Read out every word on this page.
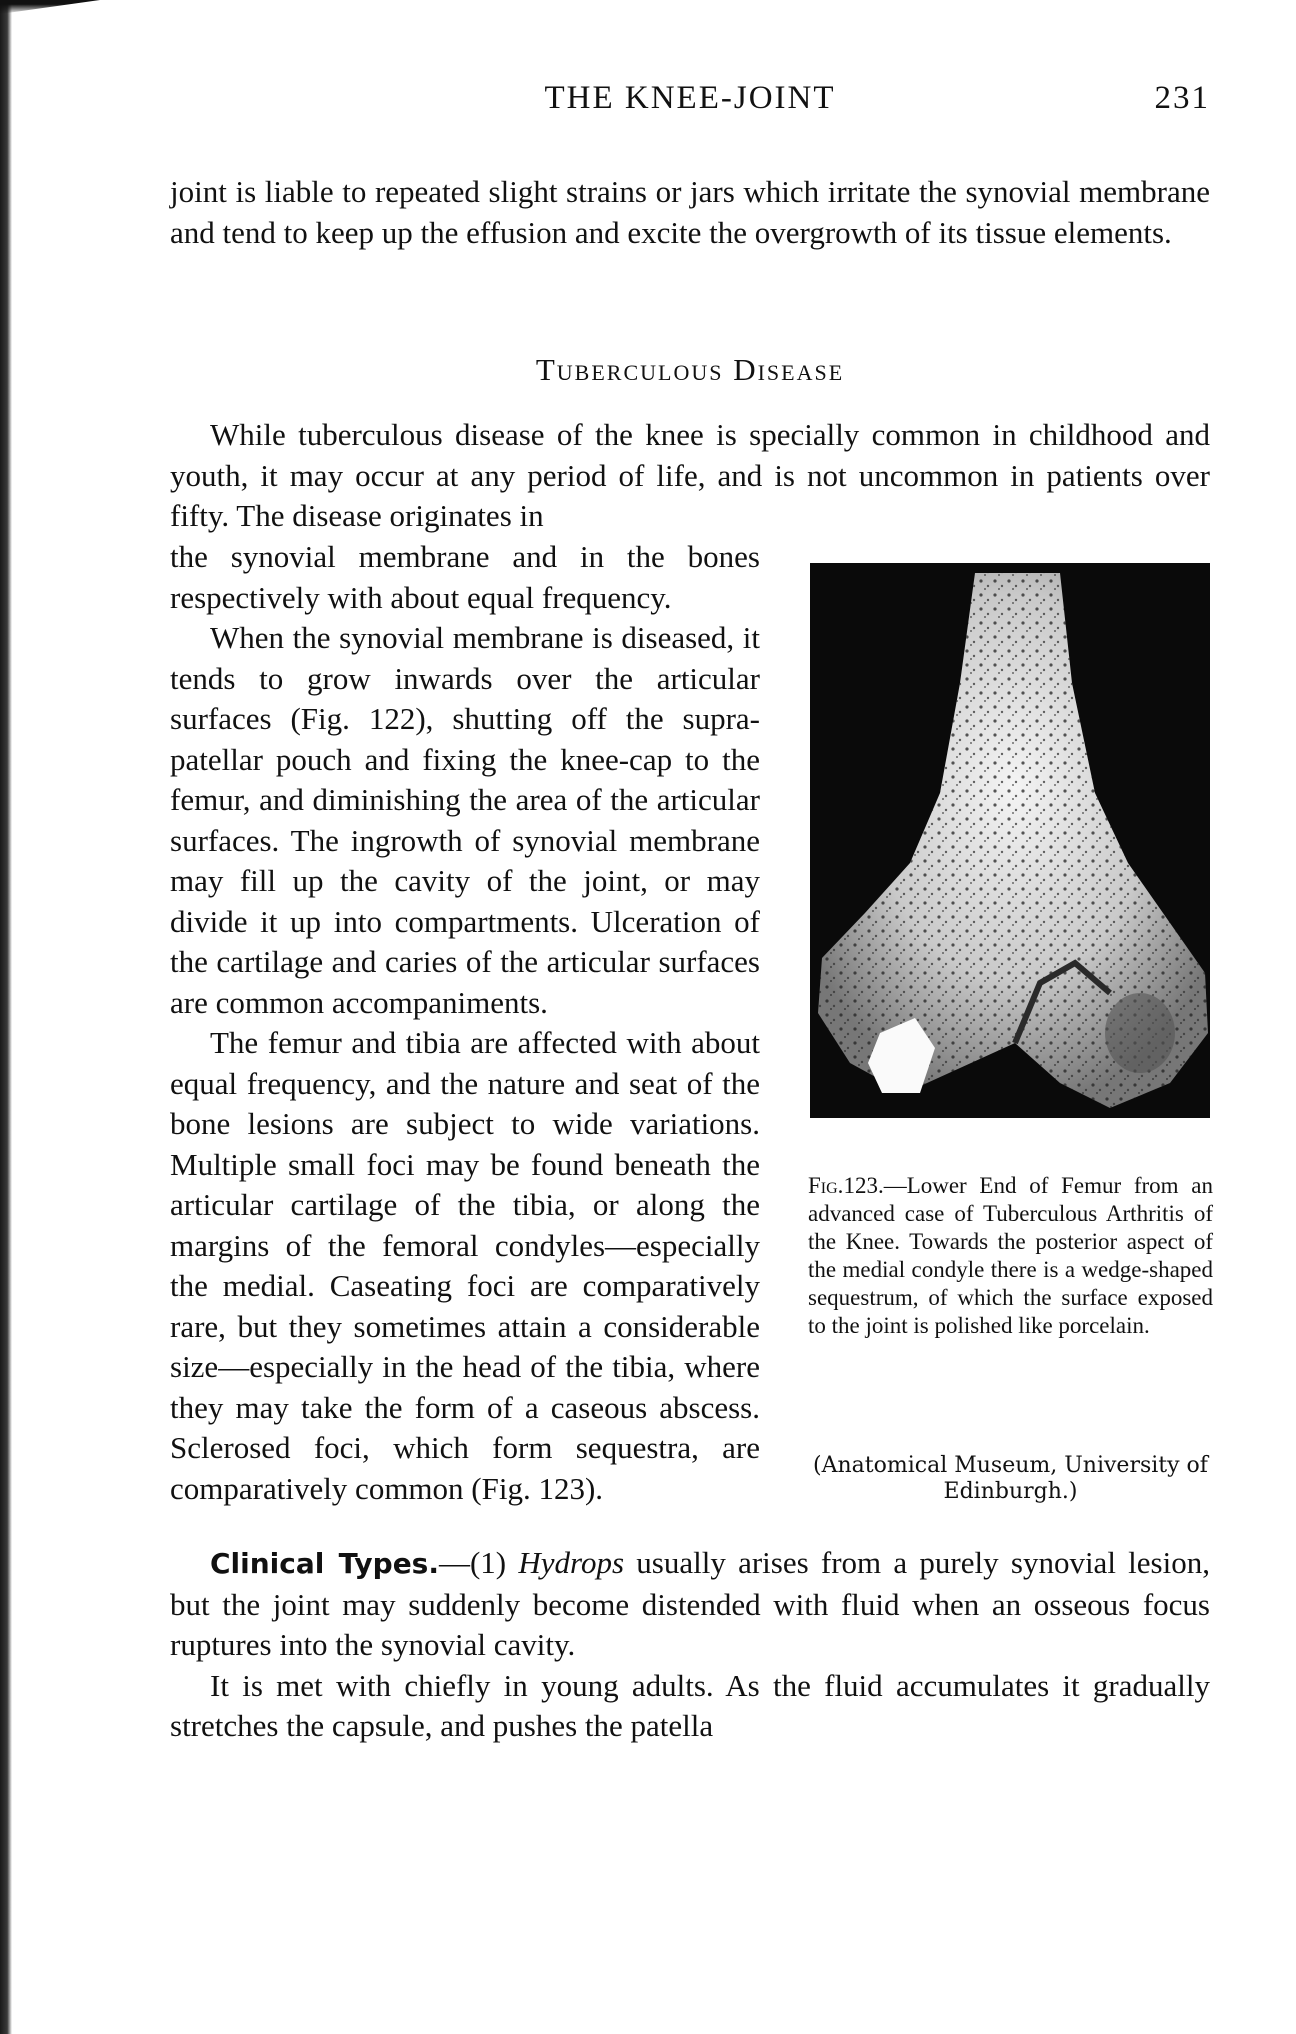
THE KNEE-JOINT	231

joint is liable to repeated slight strains or jars which irritate the synovial membrane and tend to keep up the effusion and excite the overgrowth of its tissue elements.

Tuberculous Disease

While tuberculous disease of the knee is specially common in childhood and youth, it may occur at any period of life, and is not uncommon in patients over fifty. The disease originates in

the synovial membrane and in the bones respectively with about equal frequency.

When the synovial membrane is diseased, it tends to grow inwards over the articular surfaces (Fig. 122), shutting off the supra-patellar pouch and fixing the knee-cap to the femur, and diminishing the area of the articular surfaces. The ingrowth of synovial membrane may fill up the cavity of the joint, or may divide it up into compartments. Ulceration of the cartilage and caries of the articular surfaces are common accompaniments.

The femur and tibia are affected with about equal frequency, and the nature and seat of the bone lesions are subject to wide variations. Multiple small foci may be found beneath the articular cartilage of the tibia, or along the margins of the femoral condyles—especially the medial. Caseating foci are comparatively rare, but they sometimes attain a considerable size—especially in the head of the tibia, where they may take the form of a caseous abscess. Sclerosed foci, which form sequestra, are comparatively common (Fig. 123).

Fig.123.—Lower End of Femur from an advanced case of Tuberculous Arthritis of the Knee. Towards the posterior aspect of the medial condyle there is a wedge-shaped sequestrum, of which the surface exposed to the joint is polished like porcelain.
(Anatomical Museum, University of Edinburgh.)

Clinical Types.—(1) Hydrops usually arises from a purely synovial lesion, but the joint may suddenly become distended with fluid when an osseous focus ruptures into the synovial cavity.

It is met with chiefly in young adults. As the fluid accumulates it gradually stretches the capsule, and pushes the patella
